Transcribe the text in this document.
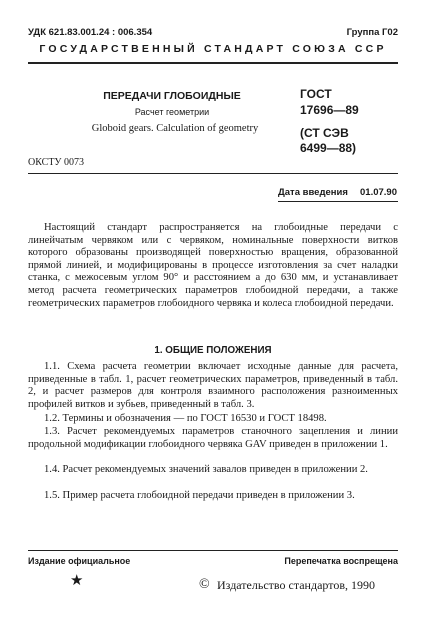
УДК 621.83.001.24 : 006.354	Группа Г02
ГОСУДАРСТВЕННЫЙ СТАНДАРТ СОЮЗА ССР
ПЕРЕДАЧИ ГЛОБОИДНЫЕ
Расчет геометрии
Globoid gears. Calculation of geometry
ГОСТ
17696—89
(СТ СЭВ
6499—88)
ОКСТУ 0073
Дата введения 01.07.90

Настоящий стандарт распространяется на глобоидные передачи с линейчатым червяком или с червяком, номинальные поверхности витков которого образованы производящей поверхностью вращения, образованной прямой линией, и модифицированы в процессе изготовления за счет наладки станка, с межосевым углом 90° и расстоянием a до 630 мм, и устанавливает метод расчета геометрических параметров глобоидной передачи, а также геометрических параметров глобоидного червяка и колеса глобоидной передачи.

1. ОБЩИЕ ПОЛОЖЕНИЯ

1.1. Схема расчета геометрии включает исходные данные для расчета, приведенные в табл. 1, расчет геометрических параметров, приведенный в табл. 2, и расчет размеров для контроля взаимного расположения разноименных профилей витков и зубьев, приведенный в табл. 3.

1.2. Термины и обозначения — по ГОСТ 16530 и ГОСТ 18498.

1.3. Расчет рекомендуемых параметров станочного зацепления и линии продольной модификации глобоидного червяка GAV приведен в приложении 1.

1.4. Расчет рекомендуемых значений завалов приведен в приложении 2.

1.5. Пример расчета глобоидной передачи приведен в приложении 3.

Издание официальное	Перепечатка воспрещена
★	© Издательство стандартов, 1990
